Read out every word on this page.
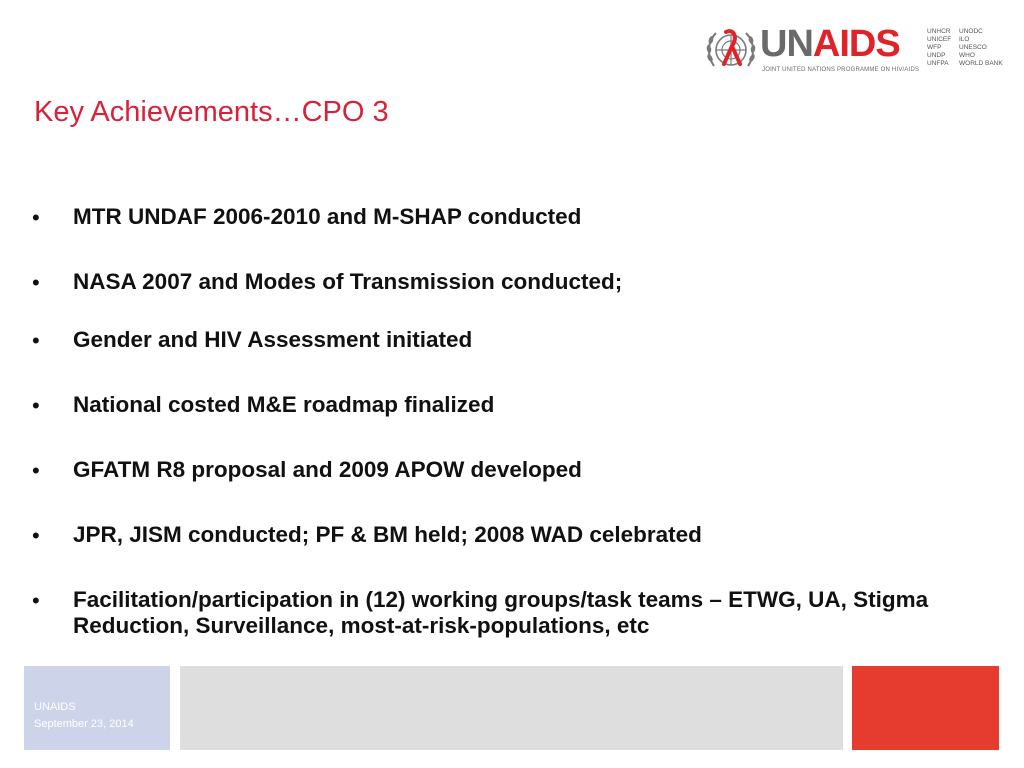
UNAIDS
JOINT UNITED NATIONS PROGRAMME ON HIV/AIDS
UNHCR
UNICEF
WFP
UNDP
UNFPA
UNODC
ILO
UNESCO
WHO
WORLD BANK
Key Achievements…CPO 3
• MTR UNDAF 2006-2010 and M-SHAP conducted
• NASA 2007 and Modes of Transmission conducted;
• Gender and HIV Assessment initiated
• National costed M&E roadmap finalized
• GFATM R8 proposal and 2009 APOW developed
• JPR, JISM conducted; PF & BM held; 2008 WAD celebrated
• Facilitation/participation in (12) working groups/task teams – ETWG, UA, Stigma Reduction, Surveillance, most-at-risk-populations, etc
UNAIDS
September 23, 2014
